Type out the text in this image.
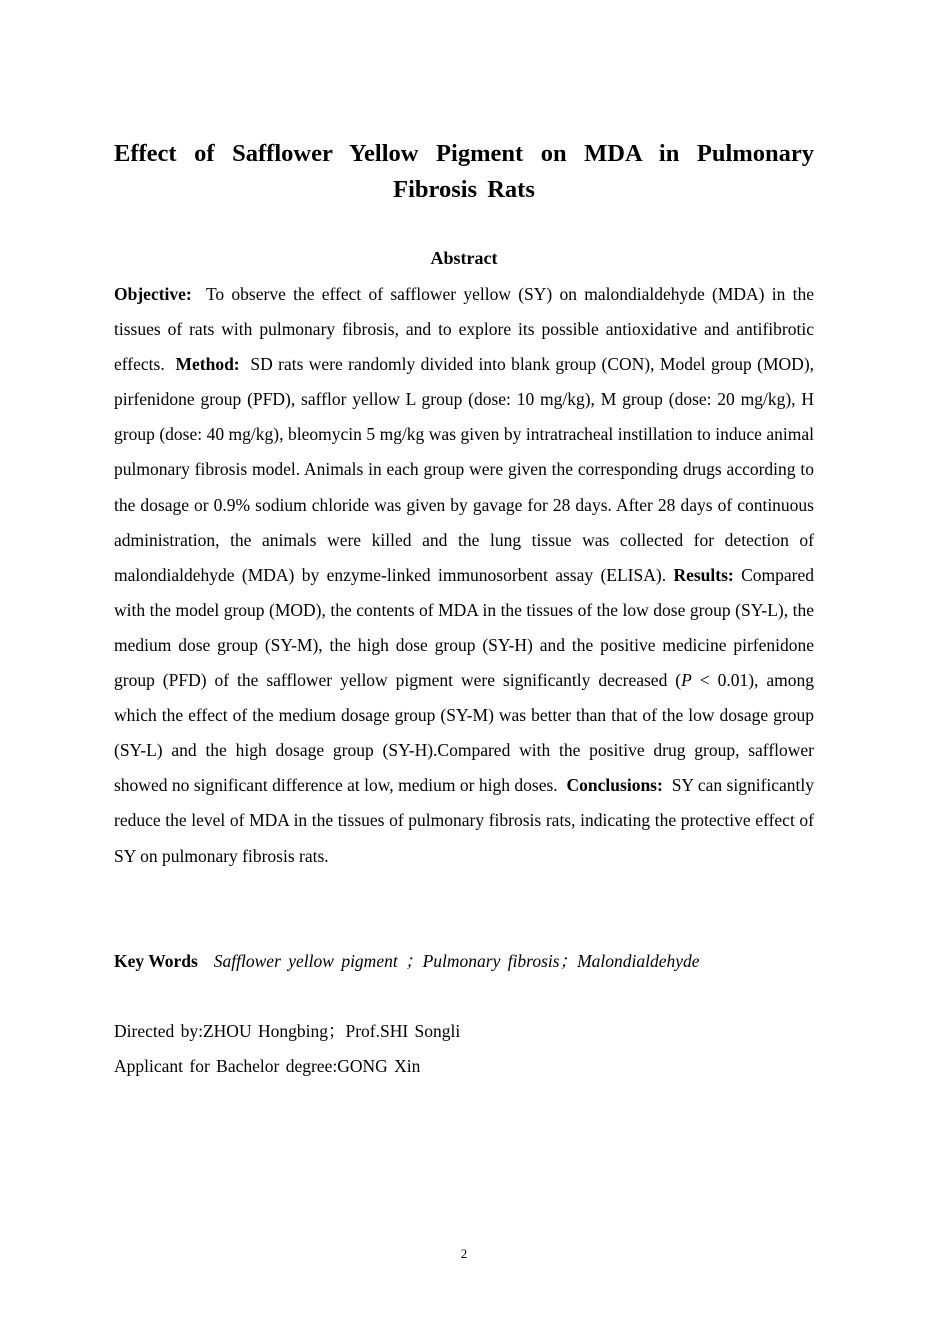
Effect of Safflower Yellow Pigment on MDA in Pulmonary Fibrosis Rats
Abstract

Objective: To observe the effect of safflower yellow (SY) on malondialdehyde (MDA) in the tissues of rats with pulmonary fibrosis, and to explore its possible antioxidative and antifibrotic effects. Method: SD rats were randomly divided into blank group (CON), Model group (MOD), pirfenidone group (PFD), safflor yellow L group (dose: 10 mg/kg), M group (dose: 20 mg/kg), H group (dose: 40 mg/kg), bleomycin 5 mg/kg was given by intratracheal instillation to induce animal pulmonary fibrosis model. Animals in each group were given the corresponding drugs according to the dosage or 0.9% sodium chloride was given by gavage for 28 days. After 28 days of continuous administration, the animals were killed and the lung tissue was collected for detection of malondialdehyde (MDA) by enzyme-linked immunosorbent assay (ELISA). Results: Compared with the model group (MOD), the contents of MDA in the tissues of the low dose group (SY-L), the medium dose group (SY-M), the high dose group (SY-H) and the positive medicine pirfenidone group (PFD) of the safflower yellow pigment were significantly decreased (P < 0.01), among which the effect of the medium dosage group (SY-M) was better than that of the low dosage group (SY-L) and the high dosage group (SY-H).Compared with the positive drug group, safflower showed no significant difference at low, medium or high doses. Conclusions: SY can significantly reduce the level of MDA in the tissues of pulmonary fibrosis rats, indicating the protective effect of SY on pulmonary fibrosis rats.

Key Words Safflower yellow pigment ；Pulmonary fibrosis；Malondialdehyde
Directed by:ZHOU Hongbing；Prof.SHI Songli
Applicant for Bachelor degree:GONG Xin
2
